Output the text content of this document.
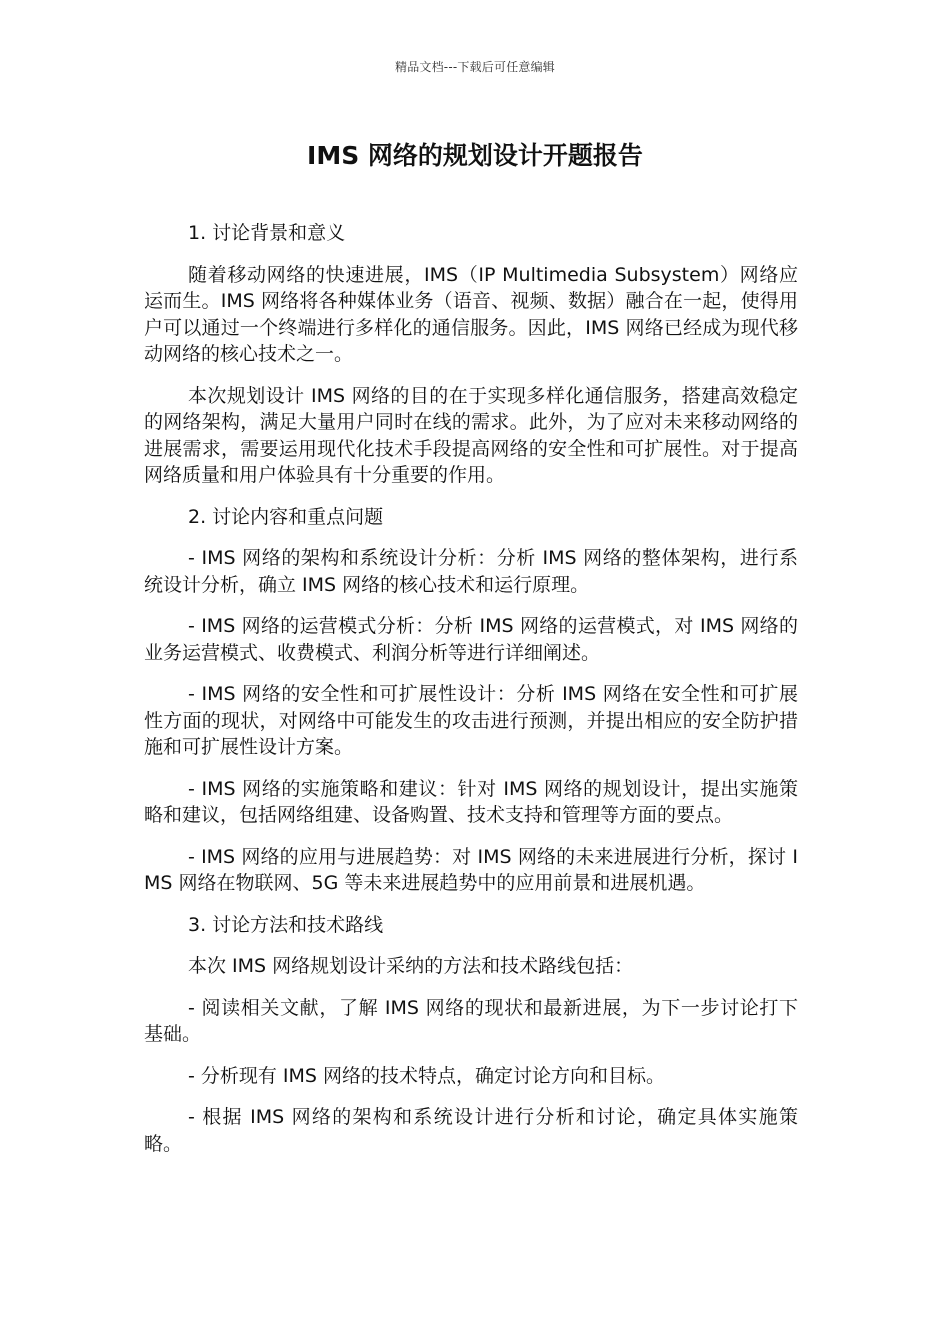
精品文档---下载后可任意编辑
IMS 网络的规划设计开题报告

1. 讨论背景和意义

随着移动网络的快速进展，IMS（IP Multimedia Subsystem）网络应运而生。IMS 网络将各种媒体业务（语音、视频、数据）融合在一起，使得用户可以通过一个终端进行多样化的通信服务。因此，IMS 网络已经成为现代移动网络的核心技术之一。

本次规划设计 IMS 网络的目的在于实现多样化通信服务，搭建高效稳定的网络架构，满足大量用户同时在线的需求。此外，为了应对未来移动网络的进展需求，需要运用现代化技术手段提高网络的安全性和可扩展性。对于提高网络质量和用户体验具有十分重要的作用。

2. 讨论内容和重点问题

- IMS 网络的架构和系统设计分析：分析 IMS 网络的整体架构，进行系统设计分析，确立 IMS 网络的核心技术和运行原理。

- IMS 网络的运营模式分析：分析 IMS 网络的运营模式，对 IMS 网络的业务运营模式、收费模式、利润分析等进行详细阐述。

- IMS 网络的安全性和可扩展性设计：分析 IMS 网络在安全性和可扩展性方面的现状，对网络中可能发生的攻击进行预测，并提出相应的安全防护措施和可扩展性设计方案。

- IMS 网络的实施策略和建议：针对 IMS 网络的规划设计，提出实施策略和建议，包括网络组建、设备购置、技术支持和管理等方面的要点。

- IMS 网络的应用与进展趋势：对 IMS 网络的未来进展进行分析，探讨 IMS 网络在物联网、5G 等未来进展趋势中的应用前景和进展机遇。

3. 讨论方法和技术路线

本次 IMS 网络规划设计采纳的方法和技术路线包括：

- 阅读相关文献，了解 IMS 网络的现状和最新进展，为下一步讨论打下基础。

- 分析现有 IMS 网络的技术特点，确定讨论方向和目标。

- 根据 IMS 网络的架构和系统设计进行分析和讨论，确定具体实施策略。
